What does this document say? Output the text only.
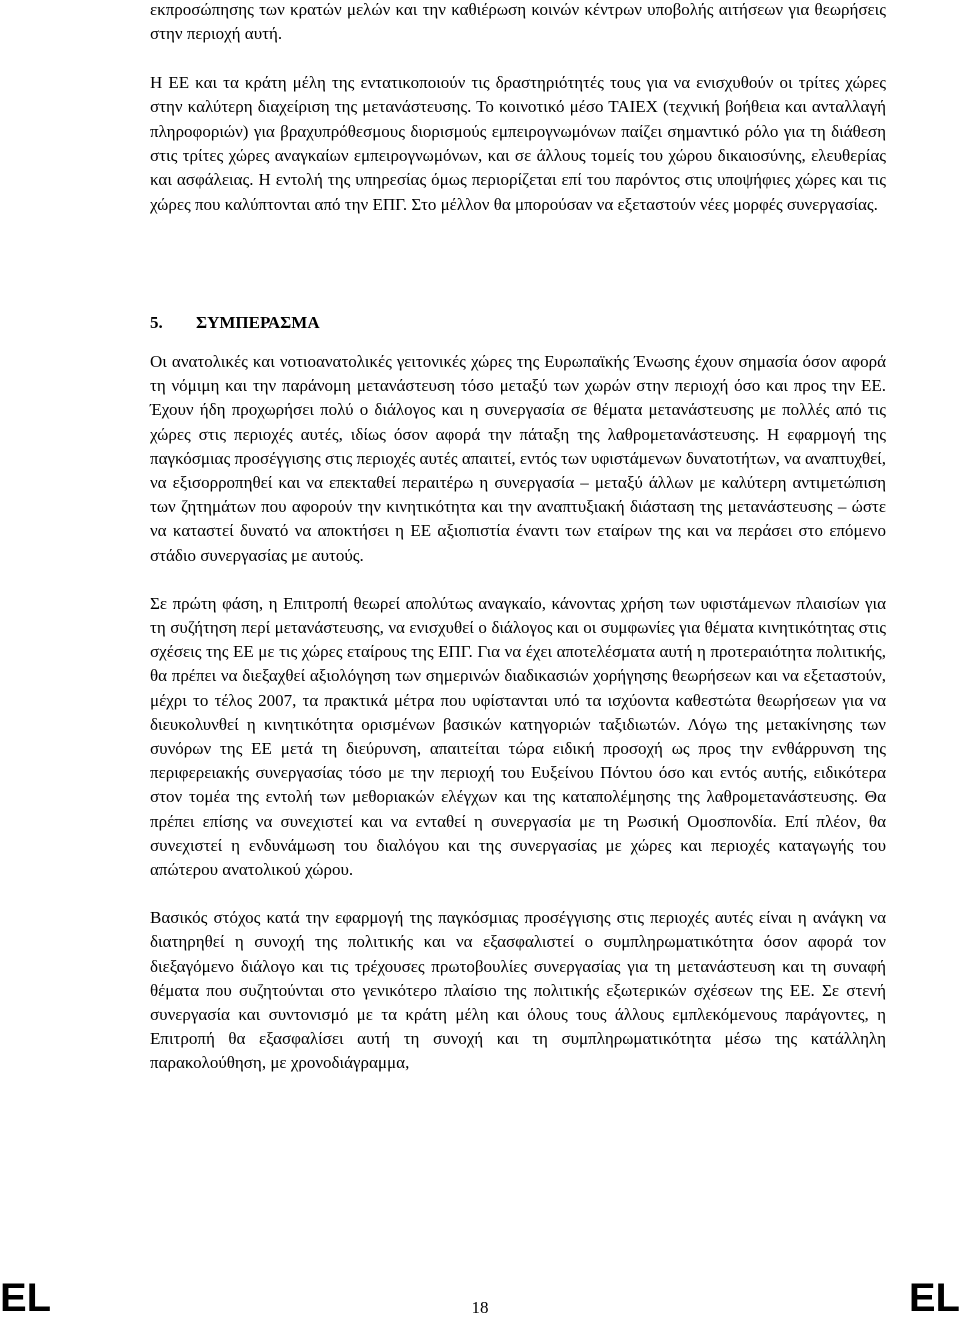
εκπροσώπησης των κρατών μελών και την καθιέρωση κοινών κέντρων υποβολής αιτήσεων για θεωρήσεις στην περιοχή αυτή.

Η ΕΕ και τα κράτη μέλη της εντατικοποιούν τις δραστηριότητές τους για να ενισχυθούν οι τρίτες χώρες στην καλύτερη διαχείριση της μετανάστευσης. Το κοινοτικό μέσο ΤΑΙΕΧ (τεχνική βοήθεια και ανταλλαγή πληροφοριών) για βραχυπρόθεσμους διορισμούς εμπειρογνωμόνων παίζει σημαντικό ρόλο για τη διάθεση στις τρίτες χώρες αναγκαίων εμπειρογνωμόνων, και σε άλλους τομείς του χώρου δικαιοσύνης, ελευθερίας και ασφάλειας. Η εντολή της υπηρεσίας όμως περιορίζεται επί του παρόντος στις υποψήφιες χώρες και τις χώρες που καλύπτονται από την ΕΠΓ. Στο μέλλον θα μπορούσαν να εξεταστούν νέες μορφές συνεργασίας.

5.	ΣΥΜΠΕΡΑΣΜΑ

Οι ανατολικές και νοτιοανατολικές γειτονικές χώρες της Ευρωπαϊκής Ένωσης έχουν σημασία όσον αφορά τη νόμιμη και την παράνομη μετανάστευση τόσο μεταξύ των χωρών στην περιοχή όσο και προς την ΕΕ. Έχουν ήδη προχωρήσει πολύ ο διάλογος και η συνεργασία σε θέματα μετανάστευσης με πολλές από τις χώρες στις περιοχές αυτές, ιδίως όσον αφορά την πάταξη της λαθρομετανάστευσης. Η εφαρμογή της παγκόσμιας προσέγγισης στις περιοχές αυτές απαιτεί, εντός των υφιστάμενων δυνατοτήτων, να αναπτυχθεί, να εξισορροπηθεί και να επεκταθεί περαιτέρω η συνεργασία – μεταξύ άλλων με καλύτερη αντιμετώπιση των ζητημάτων που αφορούν την κινητικότητα και την αναπτυξιακή διάσταση της μετανάστευσης – ώστε να καταστεί δυνατό να αποκτήσει η ΕΕ αξιοπιστία έναντι των εταίρων της και να περάσει στο επόμενο στάδιο συνεργασίας με αυτούς.

Σε πρώτη φάση, η Επιτροπή θεωρεί απολύτως αναγκαίο, κάνοντας χρήση των υφιστάμενων πλαισίων για τη συζήτηση περί μετανάστευσης, να ενισχυθεί ο διάλογος και οι συμφωνίες για θέματα κινητικότητας στις σχέσεις της ΕΕ με τις χώρες εταίρους της ΕΠΓ. Για να έχει αποτελέσματα αυτή η προτεραιότητα πολιτικής, θα πρέπει να διεξαχθεί αξιολόγηση των σημερινών διαδικασιών χορήγησης θεωρήσεων και να εξεταστούν, μέχρι το τέλος 2007, τα πρακτικά μέτρα που υφίστανται υπό τα ισχύοντα καθεστώτα θεωρήσεων για να διευκολυνθεί η κινητικότητα ορισμένων βασικών κατηγοριών ταξιδιωτών. Λόγω της μετακίνησης των συνόρων της ΕΕ μετά τη διεύρυνση, απαιτείται τώρα ειδική προσοχή ως προς την ενθάρρυνση της περιφερειακής συνεργασίας τόσο με την περιοχή του Ευξείνου Πόντου όσο και εντός αυτής, ειδικότερα στον τομέα της εντολή των μεθοριακών ελέγχων και της καταπολέμησης της λαθρομετανάστευσης. Θα πρέπει επίσης να συνεχιστεί και να ενταθεί η συνεργασία με τη Ρωσική Ομοσπονδία. Επί πλέον, θα συνεχιστεί η ενδυνάμωση του διαλόγου και της συνεργασίας με χώρες και περιοχές καταγωγής του απώτερου ανατολικού χώρου.

Βασικός στόχος κατά την εφαρμογή της παγκόσμιας προσέγγισης στις περιοχές αυτές είναι η ανάγκη να διατηρηθεί η συνοχή της πολιτικής και να εξασφαλιστεί ο συμπληρωματικότητα όσον αφορά τον διεξαγόμενο διάλογο και τις τρέχουσες πρωτοβουλίες συνεργασίας για τη μετανάστευση και τη συναφή θέματα που συζητούνται στο γενικότερο πλαίσιο της πολιτικής εξωτερικών σχέσεων της ΕΕ. Σε στενή συνεργασία και συντονισμό με τα κράτη μέλη και όλους τους άλλους εμπλεκόμενους παράγοντες, η Επιτροπή θα εξασφαλίσει αυτή τη συνοχή και τη συμπληρωματικότητα μέσω της κατάλληλη παρακολούθηση, με χρονοδιάγραμμα,

EL	18	EL
